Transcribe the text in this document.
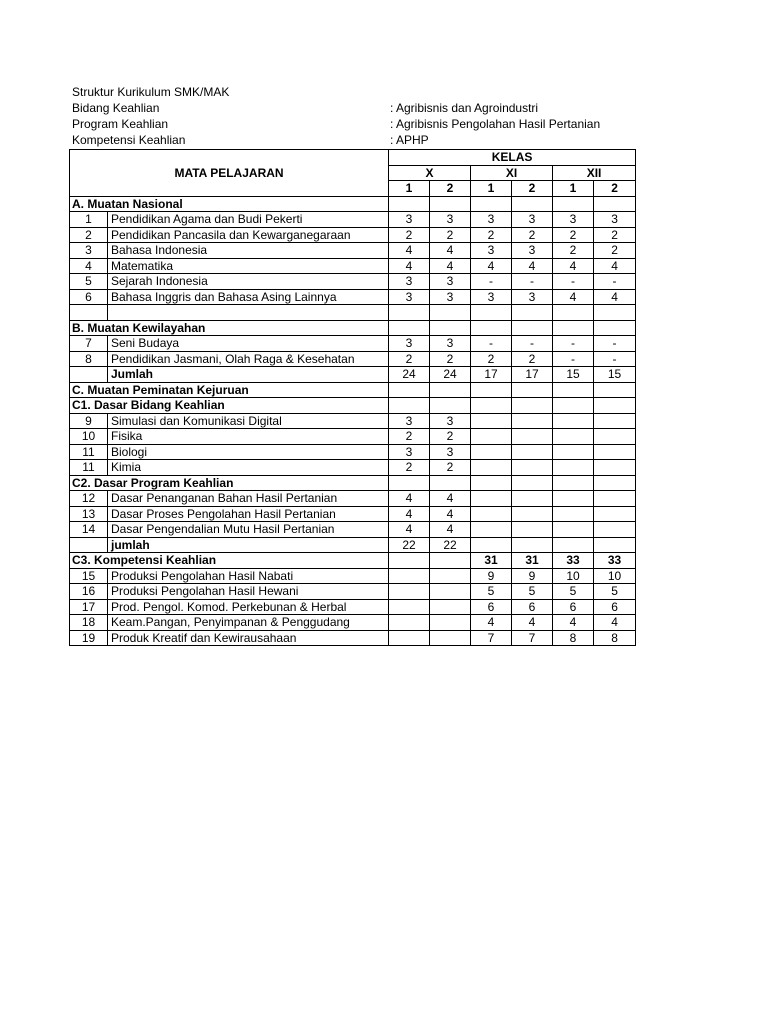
Struktur Kurikulum SMK/MAK
Bidang Keahlian	: Agribisnis dan Agroindustri
Program Keahlian	: Agribisnis Pengolahan Hasil Pertanian
Kompetensi Keahlian	: APHP
MATA PELAJARAN		KELAS					
		X		XI		XII	
		1	2	1	2	1	2
A. Muatan Nasional							
1	Pendidikan Agama dan Budi Pekerti	3	3	3	3	3	3
2	Pendidikan Pancasila dan Kewarganegaraan	2	2	2	2	2	2
3	Bahasa Indonesia	4	4	3	3	2	2
4	Matematika	4	4	4	4	4	4
5	Sejarah Indonesia	3	3	-	-	-	-
6	Bahasa Inggris dan Bahasa Asing Lainnya	3	3	3	3	4	4

B. Muatan Kewilayahan							
7	Seni Budaya	3	3	-	-	-	-
8	Pendidikan Jasmani, Olah Raga & Kesehatan	2	2	2	2	-	-
	Jumlah	24	24	17	17	15	15
C. Muatan Peminatan Kejuruan							
C1. Dasar Bidang Keahlian							
9	Simulasi dan Komunikasi Digital	3	3				
10	Fisika	2	2				
11	Biologi	3	3				
11	Kimia	2	2				
C2. Dasar Program Keahlian							
12	Dasar Penanganan Bahan Hasil Pertanian	4	4				
13	Dasar Proses Pengolahan Hasil Pertanian	4	4				
14	Dasar Pengendalian Mutu Hasil Pertanian	4	4				
	jumlah	22	22				
C3. Kompetensi Keahlian				31	31	33	33
15	Produksi Pengolahan Hasil Nabati			9	9	10	10
16	Produksi Pengolahan Hasil Hewani			5	5	5	5
17	Prod. Pengol. Komod. Perkebunan & Herbal			6	6	6	6
18	Keam.Pangan, Penyimpanan & Penggudang			4	4	4	4
19	Produk Kreatif dan Kewirausahaan			7	7	8	8
